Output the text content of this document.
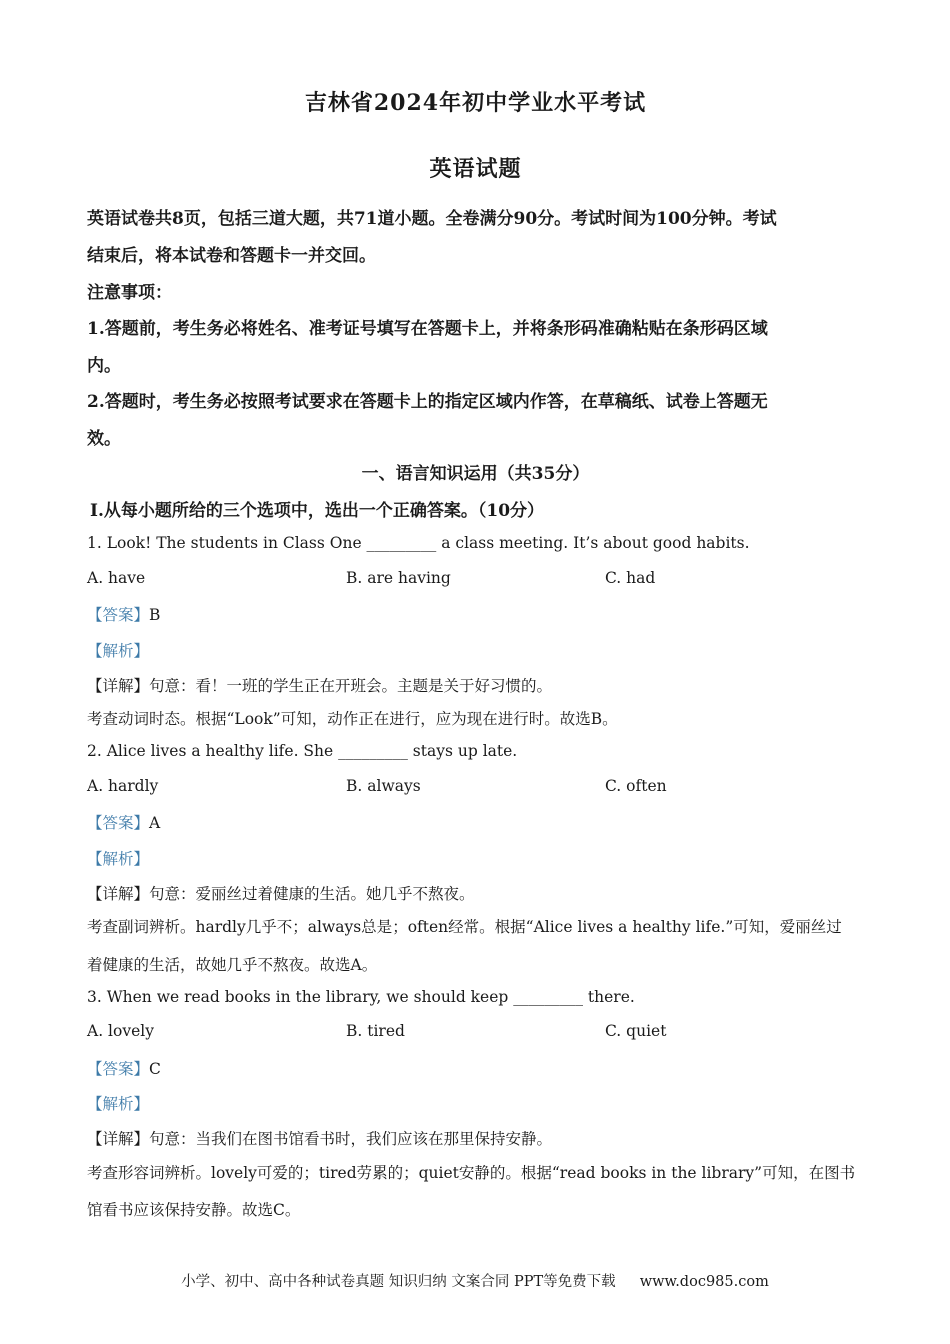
吉林省2024年初中学业水平考试
英语试题
英语试卷共8页，包括三道大题，共71道小题。全卷满分90分。考试时间为100分钟。考试
结束后，将本试卷和答题卡一并交回。
注意事项：
1.答题前，考生务必将姓名、准考证号填写在答题卡上，并将条形码准确粘贴在条形码区域
内。
2.答题时，考生务必按照考试要求在答题卡上的指定区域内作答，在草稿纸、试卷上答题无
效。
一、语言知识运用（共35分）
Ⅰ.从每小题所给的三个选项中，选出一个正确答案。（10分）
1. Look! The students in Class One _________ a class meeting. It’s about good habits.
A. have	B. are having	C. had
【答案】B
【解析】
【详解】句意：看！一班的学生正在开班会。主题是关于好习惯的。
考查动词时态。根据“Look”可知，动作正在进行，应为现在进行时。故选B。
2. Alice lives a healthy life. She _________ stays up late.
A. hardly	B. always	C. often
【答案】A
【解析】
【详解】句意：爱丽丝过着健康的生活。她几乎不熬夜。
考查副词辨析。hardly几乎不；always总是；often经常。根据“Alice lives a healthy life.”可知，爱丽丝过
着健康的生活，故她几乎不熬夜。故选A。
3. When we read books in the library, we should keep _________ there.
A. lovely	B. tired	C. quiet
【答案】C
【解析】
【详解】句意：当我们在图书馆看书时，我们应该在那里保持安静。
考查形容词辨析。lovely可爱的；tired劳累的；quiet安静的。根据“read books in the library”可知，在图书
馆看书应该保持安静。故选C。
小学、初中、高中各种试卷真题 知识归纳 文案合同 PPT等免费下载 www.doc985.com
